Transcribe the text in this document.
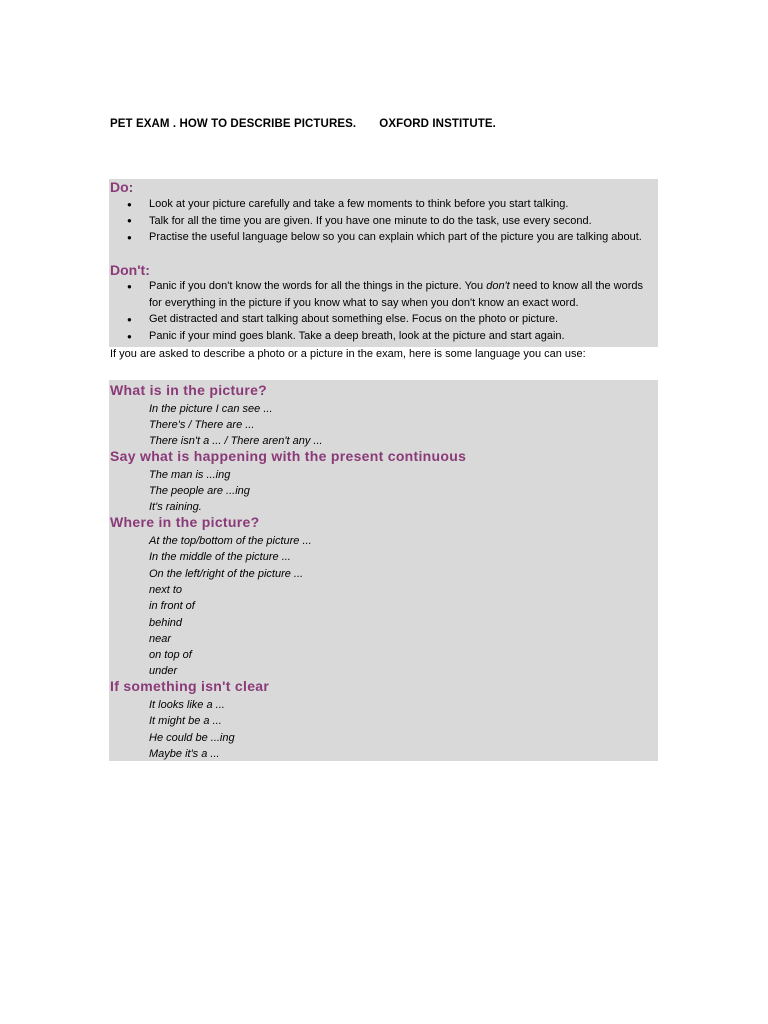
PET EXAM . HOW TO DESCRIBE PICTURES. OXFORD INSTITUTE.
Do:
● Look at your picture carefully and take a few moments to think before you start talking.
● Talk for all the time you are given. If you have one minute to do the task, use every second.
● Practise the useful language below so you can explain which part of the picture you are talking about.
Don't:
● Panic if you don't know the words for all the things in the picture. You don't need to know all the words for everything in the picture if you know what to say when you don't know an exact word.
● Get distracted and start talking about something else. Focus on the photo or picture.
● Panic if your mind goes blank. Take a deep breath, look at the picture and start again.
If you are asked to describe a photo or a picture in the exam, here is some language you can use:
What is in the picture?
In the picture I can see ...
There's / There are ...
There isn't a ... / There aren't any ...
Say what is happening with the present continuous
The man is ...ing
The people are ...ing
It's raining.
Where in the picture?
At the top/bottom of the picture ...
In the middle of the picture ...
On the left/right of the picture ...
next to
in front of
behind
near
on top of
under
If something isn't clear
It looks like a ...
It might be a ...
He could be ...ing
Maybe it's a ...
